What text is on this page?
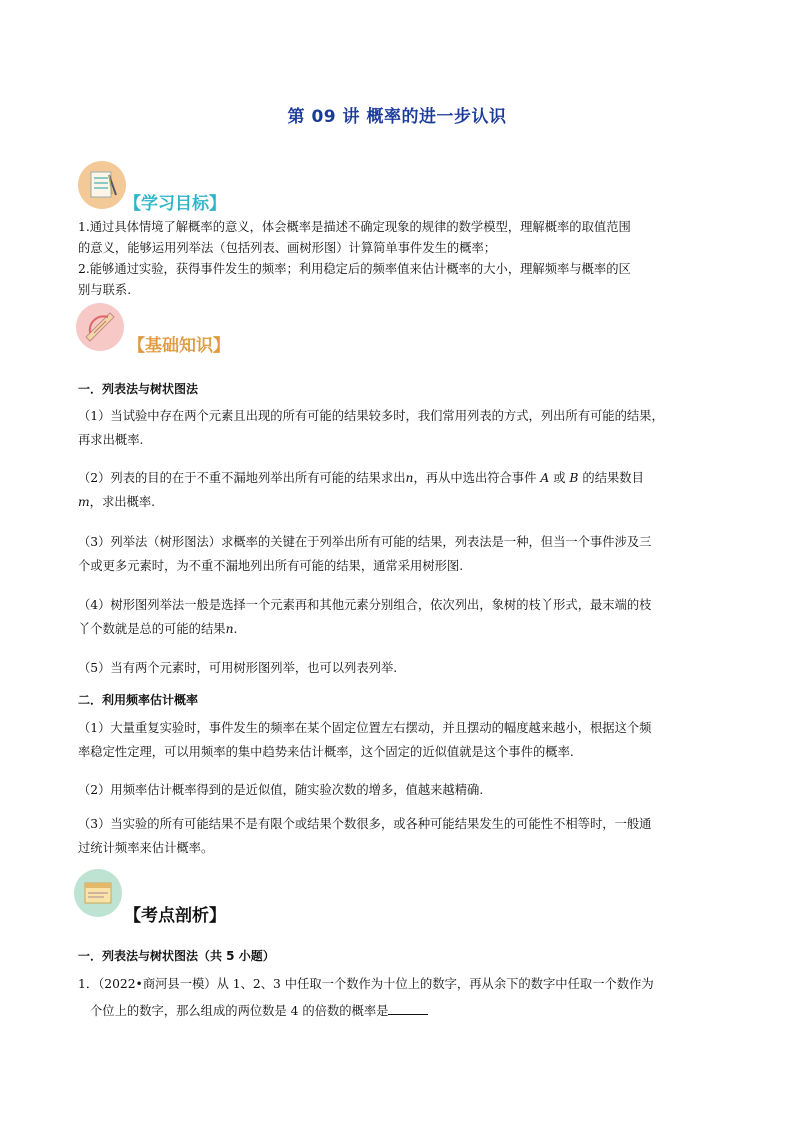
第 09 讲 概率的进一步认识
【学习目标】
1.通过具体情境了解概率的意义，体会概率是描述不确定现象的规律的数学模型，理解概率的取值范围
的意义，能够运用列举法（包括列表、画树形图）计算简单事件发生的概率；
2.能够通过实验，获得事件发生的频率；利用稳定后的频率值来估计概率的大小，理解频率与概率的区
别与联系.
【基础知识】
一．列表法与树状图法
（1）当试验中存在两个元素且出现的所有可能的结果较多时，我们常用列表的方式，列出所有可能的结果，
再求出概率.
（2）列表的目的在于不重不漏地列举出所有可能的结果求出n，再从中选出符合事件 A 或 B 的结果数目
m，求出概率.
（3）列举法（树形图法）求概率的关键在于列举出所有可能的结果，列表法是一种，但当一个事件涉及三
个或更多元素时，为不重不漏地列出所有可能的结果，通常采用树形图.
（4）树形图列举法一般是选择一个元素再和其他元素分别组合，依次列出，象树的枝丫形式，最末端的枝
丫个数就是总的可能的结果n.
（5）当有两个元素时，可用树形图列举，也可以列表列举.
二．利用频率估计概率
（1）大量重复实验时，事件发生的频率在某个固定位置左右摆动，并且摆动的幅度越来越小，根据这个频
率稳定性定理，可以用频率的集中趋势来估计概率，这个固定的近似值就是这个事件的概率.
（2）用频率估计概率得到的是近似值，随实验次数的增多，值越来越精确.
（3）当实验的所有可能结果不是有限个或结果个数很多，或各种可能结果发生的可能性不相等时，一般通
过统计频率来估计概率。
【考点剖析】
一．列表法与树状图法（共 5 小题）
1．（2022•商河县一模）从 1、2、3 中任取一个数作为十位上的数字，再从余下的数字中任取一个数作为
个位上的数字，那么组成的两位数是 4 的倍数的概率是
